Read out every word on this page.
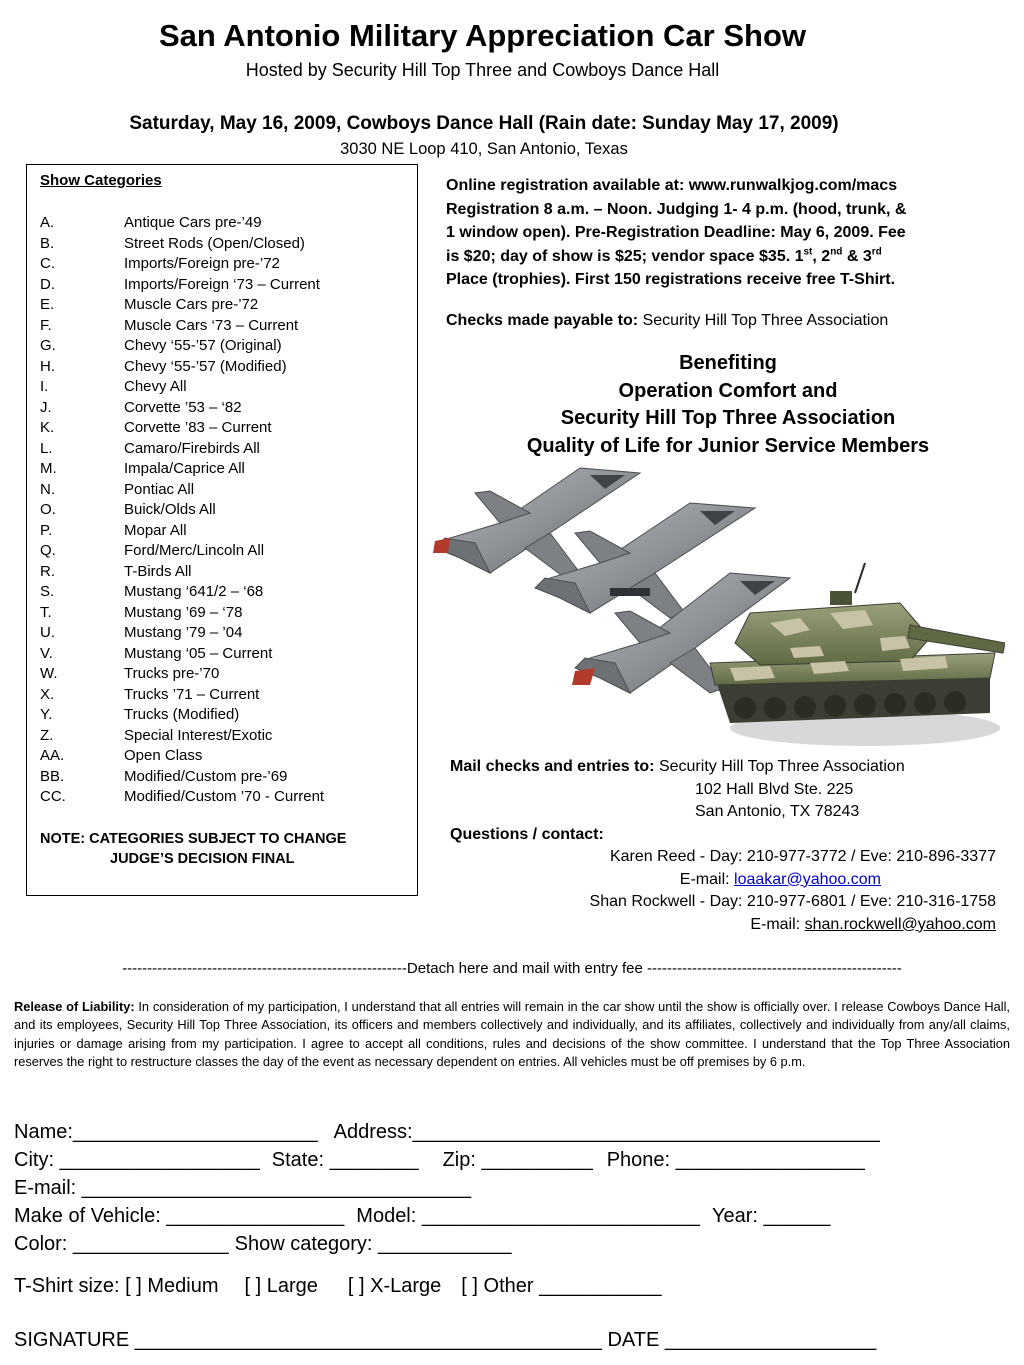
San Antonio Military Appreciation Car Show
Hosted by Security Hill Top Three and Cowboys Dance Hall
Saturday, May 16, 2009, Cowboys Dance Hall (Rain date: Sunday May 17, 2009)
3030 NE Loop 410, San Antonio, Texas
Show Categories
A.	Antique Cars pre-’49
B.	Street Rods (Open/Closed)
C.	Imports/Foreign pre-’72
D.	Imports/Foreign ‘73 – Current
E.	Muscle Cars pre-’72
F.	Muscle Cars ‘73 – Current
G.	Chevy ‘55-’57 (Original)
H.	Chevy ‘55-’57 (Modified)
I.	Chevy All
J.	Corvette ’53 – ‘82
K.	Corvette ’83 – Current
L.	Camaro/Firebirds All
M.	Impala/Caprice All
N.	Pontiac All
O.	Buick/Olds All
P.	Mopar All
Q.	Ford/Merc/Lincoln All
R.	T-Birds All
S.	Mustang ‘641/2 – ‘68
T.	Mustang ’69 – ‘78
U.	Mustang ’79 – ’04
V.	Mustang ‘05 – Current
W.	Trucks pre-’70
X.	Trucks ’71 – Current
Y.	Trucks (Modified)
Z.	Special Interest/Exotic
AA.	Open Class
BB.	Modified/Custom pre-’69
CC.	Modified/Custom ’70 - Current
NOTE: CATEGORIES SUBJECT TO CHANGE
JUDGE’S DECISION FINAL
Online registration available at: www.runwalkjog.com/macs
Registration 8 a.m. – Noon. Judging 1- 4 p.m. (hood, trunk, &
1 window open). Pre-Registration Deadline: May 6, 2009. Fee
is $20; day of show is $25; vendor space $35. 1st, 2nd & 3rd
Place (trophies). First 150 registrations receive free T-Shirt.
Checks made payable to: Security Hill Top Three Association
Benefiting
Operation Comfort and
Security Hill Top Three Association
Quality of Life for Junior Service Members
Mail checks and entries to: Security Hill Top Three Association
102 Hall Blvd Ste. 225
San Antonio, TX 78243
Questions / contact:
Karen Reed - Day: 210-977-3772 / Eve: 210-896-3377
E-mail: loaakar@yahoo.com
Shan Rockwell - Day: 210-977-6801 / Eve: 210-316-1758
E-mail: shan.rockwell@yahoo.com
---------------------------------------------------------Detach here and mail with entry fee ---------------------------------------------------
Release of Liability: In consideration of my participation, I understand that all entries will remain in the car show until the show is officially over. I release Cowboys Dance Hall, and its employees, Security Hill Top Three Association, its officers and members collectively and individually, and its affiliates, collectively and individually from any/all claims, injuries or damage arising from my participation. I agree to accept all conditions, rules and decisions of the show committee. I understand that the Top Three Association reserves the right to restructure classes the day of the event as necessary dependent on entries. All vehicles must be off premises by 6 p.m.
Name:______________________ Address:__________________________________________
City: __________________ State: ________ Zip: __________ Phone: _________________
E-mail: ___________________________________
Make of Vehicle: ________________ Model: _________________________ Year: ______
Color: ______________ Show category: ____________
T-Shirt size: [ ] Medium [ ] Large [ ] X-Large [ ] Other ___________
SIGNATURE __________________________________________ DATE ___________________
